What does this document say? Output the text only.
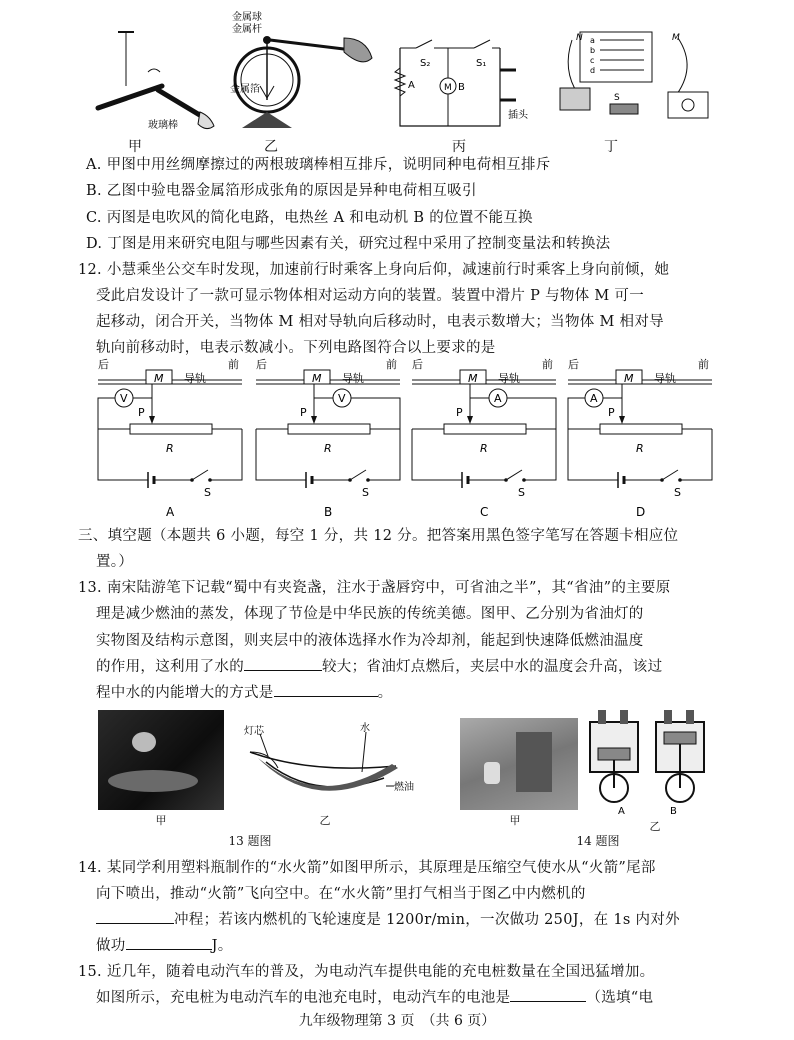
玻璃棒
甲
金属球
金属杆
金属箔
乙
S₂	S₁
A	M B
插头
丙
a
b
c
d
N	M
S
丁
A. 甲图中用丝绸摩擦过的两根玻璃棒相互排斥，说明同种电荷相互排斥
B. 乙图中验电器金属箔形成张角的原因是异种电荷相互吸引
C. 丙图是电吹风的简化电路，电热丝 A 和电动机 B 的位置不能互换
D. 丁图是用来研究电阻与哪些因素有关，研究过程中采用了控制变量法和转换法
12. 小慧乘坐公交车时发现，加速前行时乘客上身向后仰，减速前行时乘客上身向前倾，她
受此启发设计了一款可显示物体相对运动方向的装置。装置中滑片 P 与物体 M 可一
起移动，闭合开关，当物体 M 相对导轨向后移动时，电表示数增大；当物体 M 相对导
轨向前移动时，电表示数减小。下列电路图符合以上要求的是
后	前
M 导轨
P
V
R
S
A
后	前
M 导轨
P
V
R
S
B
后	前
M 导轨
P
A
R
S
C
后	前
M 导轨
P
A
R
S
D
三、填空题（本题共 6 小题，每空 1 分，共 12 分。把答案用黑色签字笔写在答题卡相应位
置。）
13. 南宋陆游笔下记载“蜀中有夹瓷盏，注水于盏唇窍中，可省油之半”，其“省油”的主要原
理是减少燃油的蒸发，体现了节俭是中华民族的传统美德。图甲、乙分别为省油灯的
实物图及结构示意图，则夹层中的液体选择水作为冷却剂，能起到快速降低燃油温度
的作用，这利用了水的	较大；省油灯点燃后，夹层中水的温度会升高，该过
程中水的内能增大的方式是	。
甲
灯芯	水
燃油
乙
13 题图
甲
A	B
乙
14 题图
14. 某同学利用塑料瓶制作的“水火箭”如图甲所示，其原理是压缩空气使水从“火箭”尾部
向下喷出，推动“火箭”飞向空中。在“水火箭”里打气相当于图乙中内燃机的
冲程；若该内燃机的飞轮速度是 1200r/min，一次做功 250J，在 1s 内对外
做功	J。
15. 近几年，随着电动汽车的普及，为电动汽车提供电能的充电桩数量在全国迅猛增加。
如图所示，充电桩为电动汽车的电池充电时，电动汽车的电池是	（选填“电
九年级物理第 3 页　（共 6 页）
